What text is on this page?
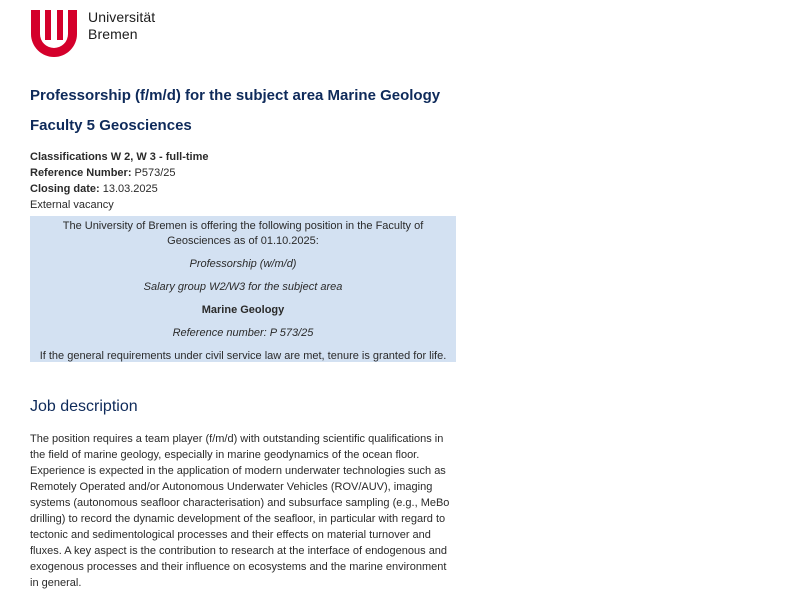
Universität
Bremen
Professorship (f/m/d) for the subject area Marine Geology
Faculty 5 Geosciences
Classifications W 2, W 3 - full-time
Reference Number: P573/25
Closing date: 13.03.2025
External vacancy

The University of Bremen is offering the following position in the Faculty of Geosciences as of 01.10.2025:

Professorship (w/m/d)

Salary group W2/W3 for the subject area

Marine Geology

Reference number: P 573/25

If the general requirements under civil service law are met, tenure is granted for life.

Job description
The position requires a team player (f/m/d) with outstanding scientific qualifications in the field of marine geology, especially in marine geodynamics of the ocean floor. Experience is expected in the application of modern underwater technologies such as Remotely Operated and/or Autonomous Underwater Vehicles (ROV/AUV), imaging systems (autonomous seafloor characterisation) and subsurface sampling (e.g., MeBo drilling) to record the dynamic development of the seafloor, in particular with regard to tectonic and sedimentological processes and their effects on material turnover and fluxes. A key aspect is the contribution to research at the interface of endogenous and exogenous processes and their influence on ecosystems and the marine environment in general.
